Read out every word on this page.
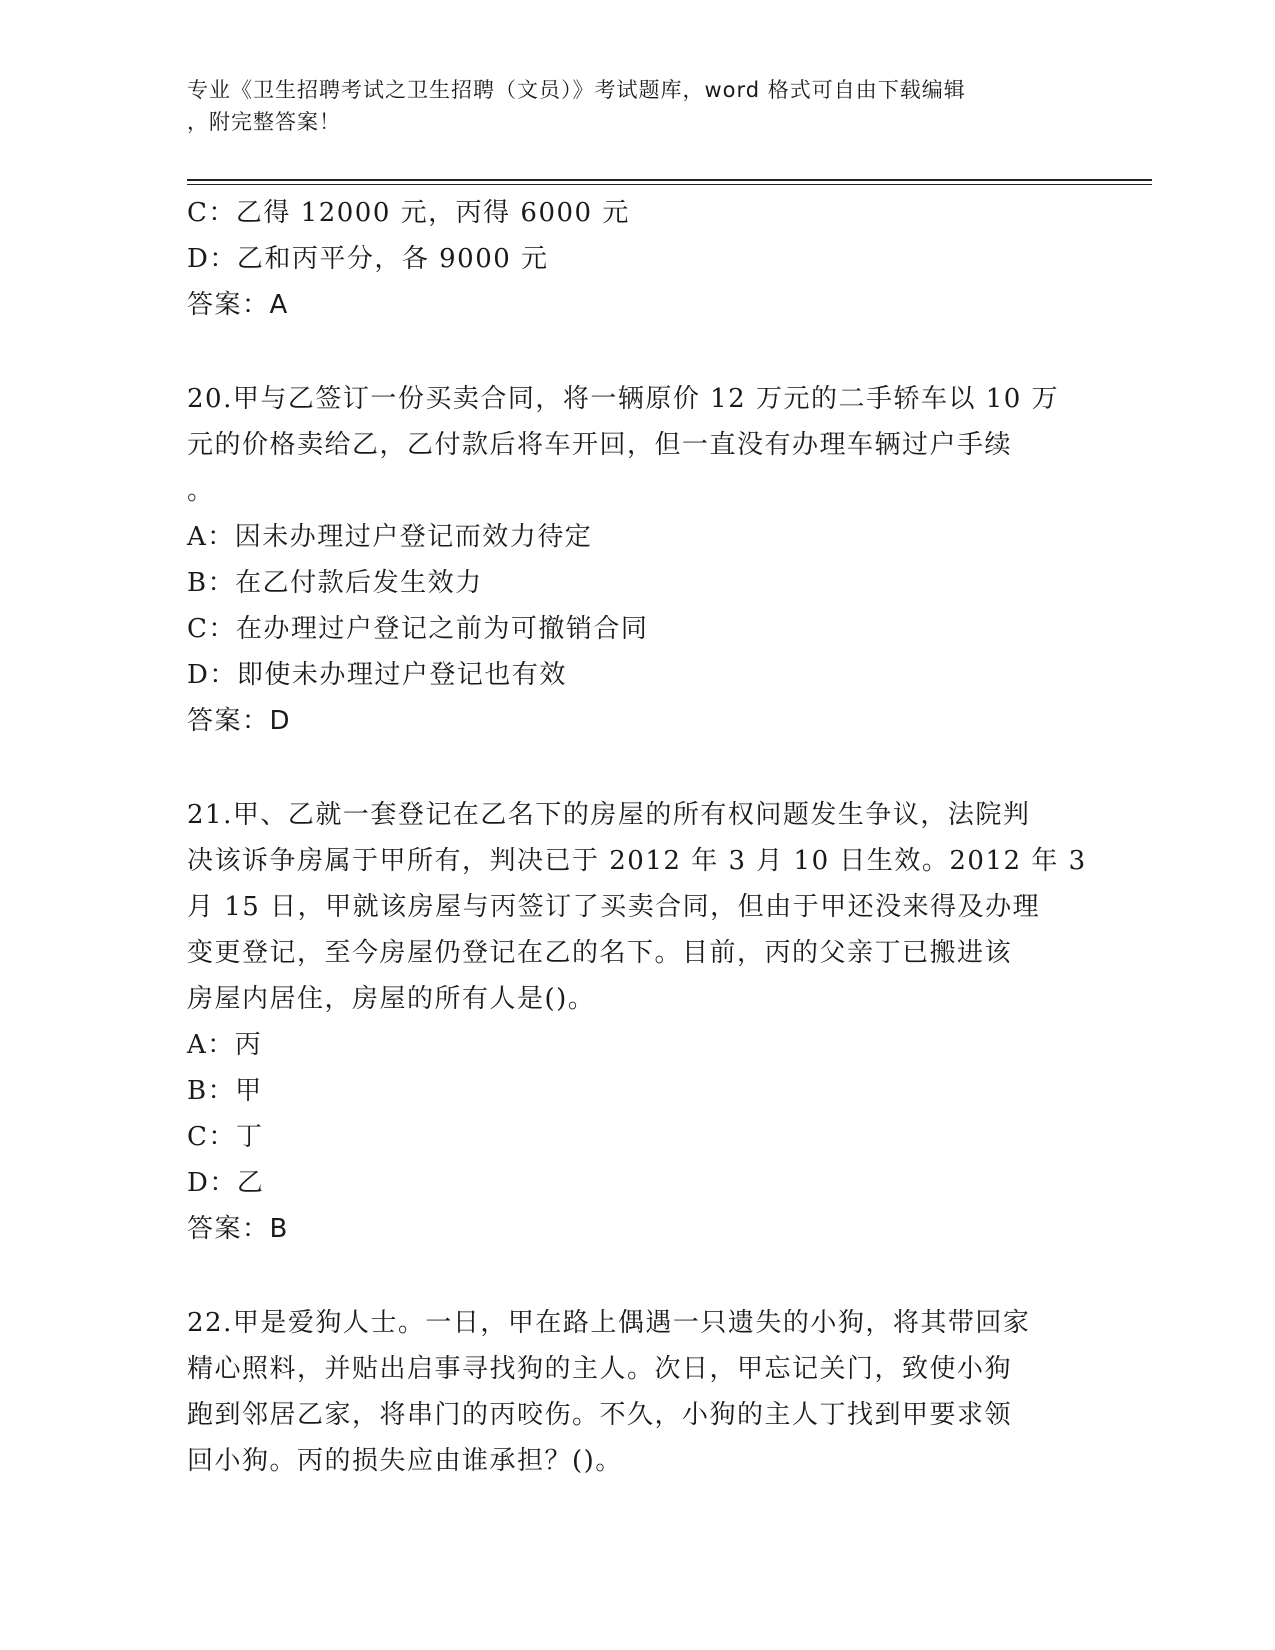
专业《卫生招聘考试之卫生招聘（文员）》考试题库，word 格式可自由下载编辑
，附完整答案！
C：乙得 12000 元，丙得 6000 元
D：乙和丙平分，各 9000 元
答案：A
20.甲与乙签订一份买卖合同，将一辆原价 12 万元的二手轿车以 10 万
元的价格卖给乙，乙付款后将车开回，但一直没有办理车辆过户手续
。
A：因未办理过户登记而效力待定
B：在乙付款后发生效力
C：在办理过户登记之前为可撤销合同
D：即使未办理过户登记也有效
答案：D
21.甲、乙就一套登记在乙名下的房屋的所有权问题发生争议，法院判
决该诉争房属于甲所有，判决已于 2012 年 3 月 10 日生效。2012 年 3
月 15 日，甲就该房屋与丙签订了买卖合同，但由于甲还没来得及办理
变更登记，至今房屋仍登记在乙的名下。目前，丙的父亲丁已搬进该
房屋内居住，房屋的所有人是()。
A：丙
B：甲
C：丁
D：乙
答案：B
22.甲是爱狗人士。一日，甲在路上偶遇一只遗失的小狗，将其带回家
精心照料，并贴出启事寻找狗的主人。次日，甲忘记关门，致使小狗
跑到邻居乙家，将串门的丙咬伤。不久，小狗的主人丁找到甲要求领
回小狗。丙的损失应由谁承担？()。
